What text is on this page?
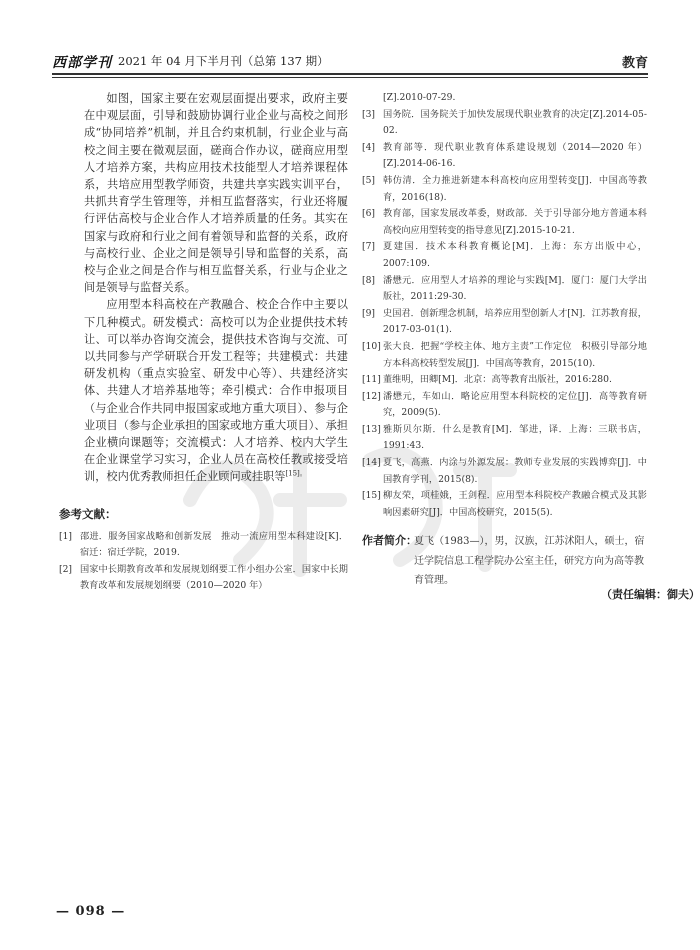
西部学刊 2021 年 04 月下半月刊（总第 137 期）	教育

如图，国家主要在宏观层面提出要求，政府主要在中观层面，引导和鼓励协调行业企业与高校之间形成“协同培养”机制，并且合约束机制，行业企业与高校之间主要在微观层面，磋商合作办议，磋商应用型人才培养方案，共构应用技术技能型人才培养课程体系，共培应用型教学师资，共建共享实践实训平台，共抓共育学生管理等，并相互监督落实，行业还将履行评估高校与企业合作人才培养质量的任务。其实在国家与政府和行业之间有着领导和监督的关系，政府与高校行业、企业之间是领导引导和监督的关系，高校与企业之间是合作与相互监督关系，行业与企业之间是领导与监督关系。

应用型本科高校在产教融合、校企合作中主要以下几种模式。研发模式：高校可以为企业提供技术转让、可以举办咨询交流会，提供技术咨询与交流、可以共同参与产学研联合开发工程等；共建模式：共建研发机构（重点实验室、研发中心等）、共建经济实体、共建人才培养基地等；牵引模式：合作申报项目（与企业合作共同申报国家或地方重大项目）、参与企业项目（参与企业承担的国家或地方重大项目）、承担企业横向课题等；交流模式：人才培养、校内大学生在企业课堂学习实习，企业人员在高校任教或接受培训，校内优秀教师担任企业顾问或挂职等$^{[15]。}$

参考文献：
[1] 邵进．服务国家战略和创新发展　推动一流应用型本科建设[K]．宿迁：宿迁学院，2019.
[2] 国家中长期教育改革和发展规划纲要工作小组办公室．国家中长期教育改革和发展规划纲要（2010—2020 年）
[Z].2010-07-29.
[3] 国务院．国务院关于加快发展现代职业教育的决定[Z].2014-05-02.
[4] 教育部等．现代职业教育体系建设规划（2014—2020 年）[Z].2014-06-16.
[5] 韩仿清．全力推进新建本科高校向应用型转变[J]．中国高等教育，2016(18).
[6] 教育部，国家发展改革委，财政部．关于引导部分地方普通本科高校向应用型转变的指导意见[Z].2015-10-21.
[7] 夏建国．技术本科教育概论[M]．上海：东方出版中心，2007:109.
[8] 潘懋元．应用型人才培养的理论与实践[M]．厦门：厦门大学出版社，2011:29-30.
[9] 史国君．创新理念机制，培养应用型创新人才[N]．江苏教育报，2017-03-01(1).
[10] 张大良．把握“学校主体、地方主责”工作定位　积极引导部分地方本科高校转型发展[J]．中国高等教育，2015(10).
[11] 董维明，田卿[M]．北京：高等教育出版社，2016:280.
[12] 潘懋元，车如山．略论应用型本科院校的定位[J]．高等教育研究，2009(5).
[13] 雅斯贝尔斯．什么是教育[M]．邹进，译．上海：三联书店，1991:43.
[14] 夏飞，高燕．内涂与外源发展：教师专业发展的实践博弈[J]．中国教育学刊，2015(8).
[15] 柳友荣，项桂娥，王剑程．应用型本科院校产教融合模式及其影响因素研究[J]．中国高校研究，2015(5).
作者简介：
夏飞（1983—），男，汉族，江苏沭阳人，硕士，宿迁学院信息工程学院办公室主任，研究方向为高等教育管理。
（责任编辑：御夫）
— 098 —
